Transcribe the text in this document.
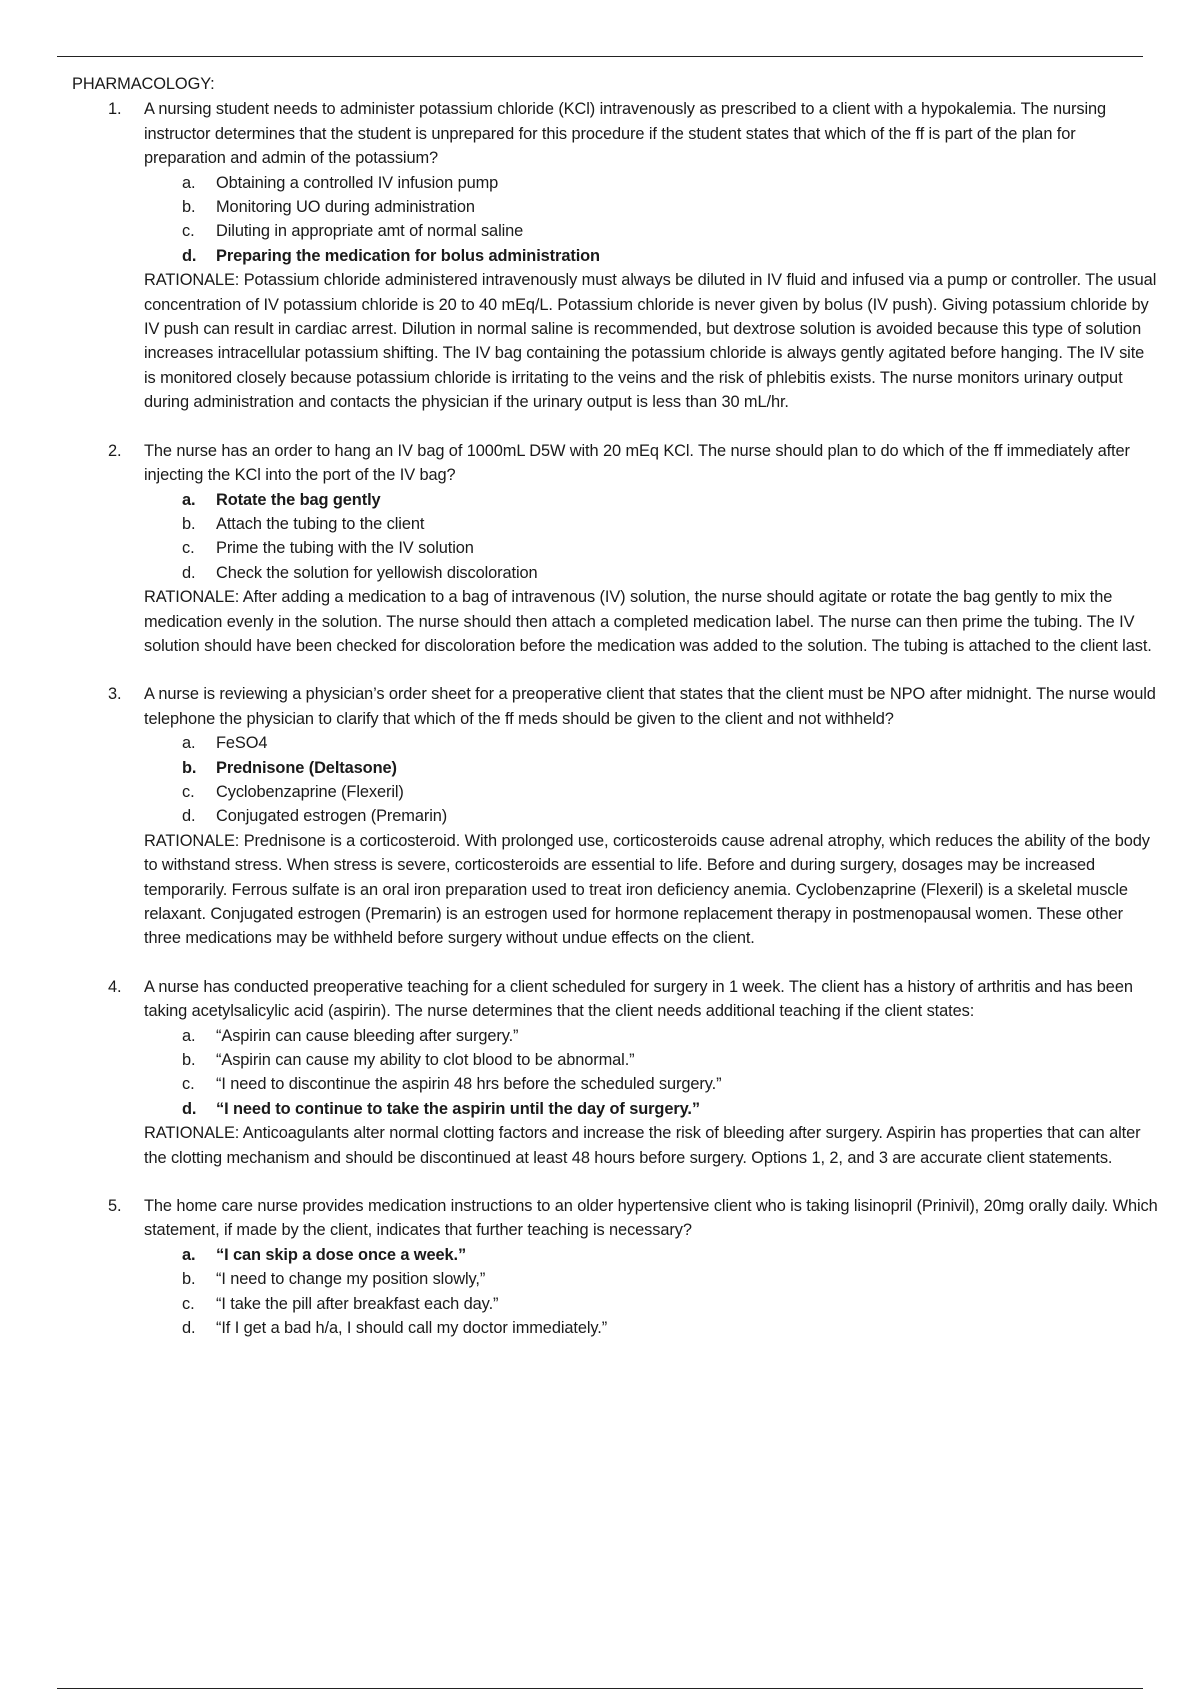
PHARMACOLOGY:

1. A nursing student needs to administer potassium chloride (KCl) intravenously as prescribed to a client with a hypokalemia. The nursing instructor determines that the student is unprepared for this procedure if the student states that which of the ff is part of the plan for preparation and admin of the potassium?

a. Obtaining a controlled IV infusion pump

b. Monitoring UO during administration

c. Diluting in appropriate amt of normal saline

d. Preparing the medication for bolus administration

RATIONALE: Potassium chloride administered intravenously must always be diluted in IV fluid and infused via a pump or controller. The usual concentration of IV potassium chloride is 20 to 40 mEq/L. Potassium chloride is never given by bolus (IV push). Giving potassium chloride by IV push can result in cardiac arrest. Dilution in normal saline is recommended, but dextrose solution is avoided because this type of solution increases intracellular potassium shifting. The IV bag containing the potassium chloride is always gently agitated before hanging. The IV site is monitored closely because potassium chloride is irritating to the veins and the risk of phlebitis exists. The nurse monitors urinary output during administration and contacts the physician if the urinary output is less than 30 mL/hr.

2. The nurse has an order to hang an IV bag of 1000mL D5W with 20 mEq KCl. The nurse should plan to do which of the ff immediately after injecting the KCl into the port of the IV bag?

a. Rotate the bag gently

b. Attach the tubing to the client

c. Prime the tubing with the IV solution

d. Check the solution for yellowish discoloration

RATIONALE: After adding a medication to a bag of intravenous (IV) solution, the nurse should agitate or rotate the bag gently to mix the medication evenly in the solution. The nurse should then attach a completed medication label. The nurse can then prime the tubing. The IV solution should have been checked for discoloration before the medication was added to the solution. The tubing is attached to the client last.

3. A nurse is reviewing a physician’s order sheet for a preoperative client that states that the client must be NPO after midnight. The nurse would telephone the physician to clarify that which of the ff meds should be given to the client and not withheld?

a. FeSO4

b. Prednisone (Deltasone)

c. Cyclobenzaprine (Flexeril)

d. Conjugated estrogen (Premarin)

RATIONALE: Prednisone is a corticosteroid. With prolonged use, corticosteroids cause adrenal atrophy, which reduces the ability of the body to withstand stress. When stress is severe, corticosteroids are essential to life. Before and during surgery, dosages may be increased temporarily. Ferrous sulfate is an oral iron preparation used to treat iron deficiency anemia. Cyclobenzaprine (Flexeril) is a skeletal muscle relaxant. Conjugated estrogen (Premarin) is an estrogen used for hormone replacement therapy in postmenopausal women. These other three medications may be withheld before surgery without undue effects on the client.

4. A nurse has conducted preoperative teaching for a client scheduled for surgery in 1 week. The client has a history of arthritis and has been taking acetylsalicylic acid (aspirin). The nurse determines that the client needs additional teaching if the client states:

a. “Aspirin can cause bleeding after surgery.”

b. “Aspirin can cause my ability to clot blood to be abnormal.”

c. “I need to discontinue the aspirin 48 hrs before the scheduled surgery.”

d. “I need to continue to take the aspirin until the day of surgery.”

RATIONALE: Anticoagulants alter normal clotting factors and increase the risk of bleeding after surgery. Aspirin has properties that can alter the clotting mechanism and should be discontinued at least 48 hours before surgery. Options 1, 2, and 3 are accurate client statements.

5. The home care nurse provides medication instructions to an older hypertensive client who is taking lisinopril (Prinivil), 20mg orally daily. Which statement, if made by the client, indicates that further teaching is necessary?

a. “I can skip a dose once a week.”

b. “I need to change my position slowly,”

c. “I take the pill after breakfast each day.”

d. “If I get a bad h/a, I should call my doctor immediately.”
